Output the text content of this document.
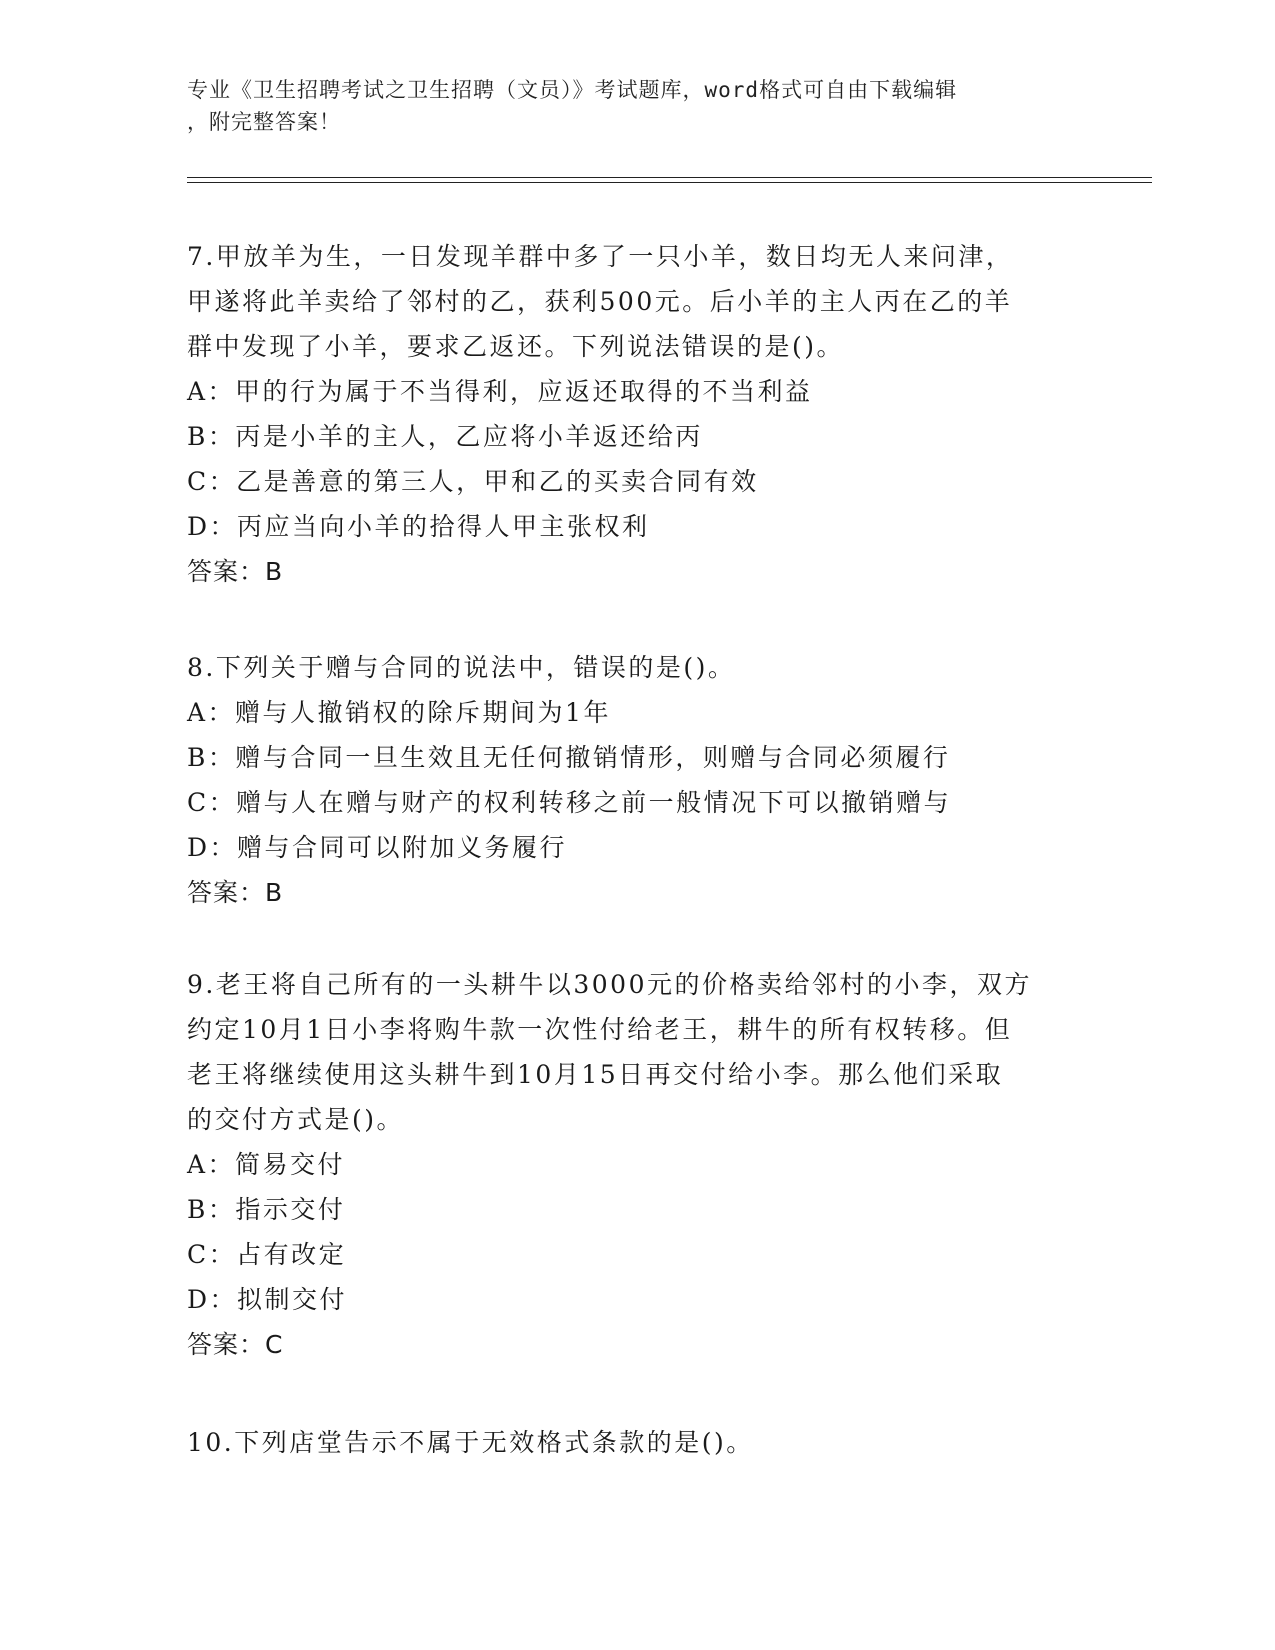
专业《卫生招聘考试之卫生招聘（文员）》考试题库，word格式可自由下载编辑
，附完整答案！
7.甲放羊为生，一日发现羊群中多了一只小羊，数日均无人来问津，
甲遂将此羊卖给了邻村的乙，获利500元。后小羊的主人丙在乙的羊
群中发现了小羊，要求乙返还。下列说法错误的是()。
A：甲的行为属于不当得利，应返还取得的不当利益
B：丙是小羊的主人，乙应将小羊返还给丙
C：乙是善意的第三人，甲和乙的买卖合同有效
D：丙应当向小羊的拾得人甲主张权利
答案：B
8.下列关于赠与合同的说法中，错误的是()。
A：赠与人撤销权的除斥期间为1年
B：赠与合同一旦生效且无任何撤销情形，则赠与合同必须履行
C：赠与人在赠与财产的权利转移之前一般情况下可以撤销赠与
D：赠与合同可以附加义务履行
答案：B
9.老王将自己所有的一头耕牛以3000元的价格卖给邻村的小李，双方
约定10月1日小李将购牛款一次性付给老王，耕牛的所有权转移。但
老王将继续使用这头耕牛到10月15日再交付给小李。那么他们采取
的交付方式是()。
A：简易交付
B：指示交付
C：占有改定
D：拟制交付
答案：C
10.下列店堂告示不属于无效格式条款的是()。
